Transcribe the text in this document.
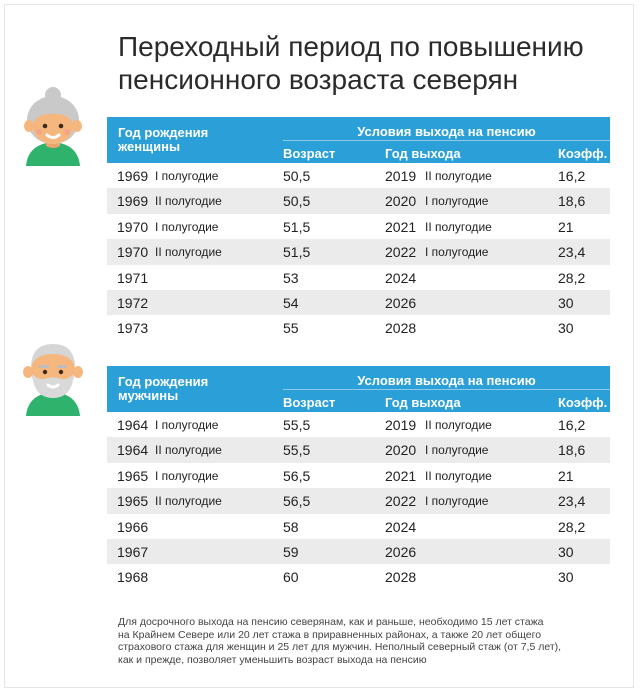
Переходный период по повышению
пенсионного возраста северян
Год рождения
женщины
Условия выхода на пенсию
Возраст	Год выхода	Коэфф.
1969 I полугодие	50,5	2019 II полугодие	16,2
1969 II полугодие	50,5	2020 I полугодие	18,6
1970 I полугодие	51,5	2021 II полугодие	21
1970 II полугодие	51,5	2022 I полугодие	23,4
1971	53	2024	28,2
1972	54	2026	30
1973	55	2028	30
Год рождения
мужчины
Условия выхода на пенсию
Возраст	Год выхода	Коэфф.
1964 I полугодие	55,5	2019 II полугодие	16,2
1964 II полугодие	55,5	2020 I полугодие	18,6
1965 I полугодие	56,5	2021 II полугодие	21
1965 II полугодие	56,5	2022 I полугодие	23,4
1966	58	2024	28,2
1967	59	2026	30
1968	60	2028	30
Для досрочного выхода на пенсию северянам, как и раньше, необходимо 15 лет стажа
на Крайнем Севере или 20 лет стажа в приравненных районах, а также 20 лет общего
страхового стажа для женщин и 25 лет для мужчин. Неполный северный стаж (от 7,5 лет),
как и прежде, позволяет уменьшить возраст выхода на пенсию
